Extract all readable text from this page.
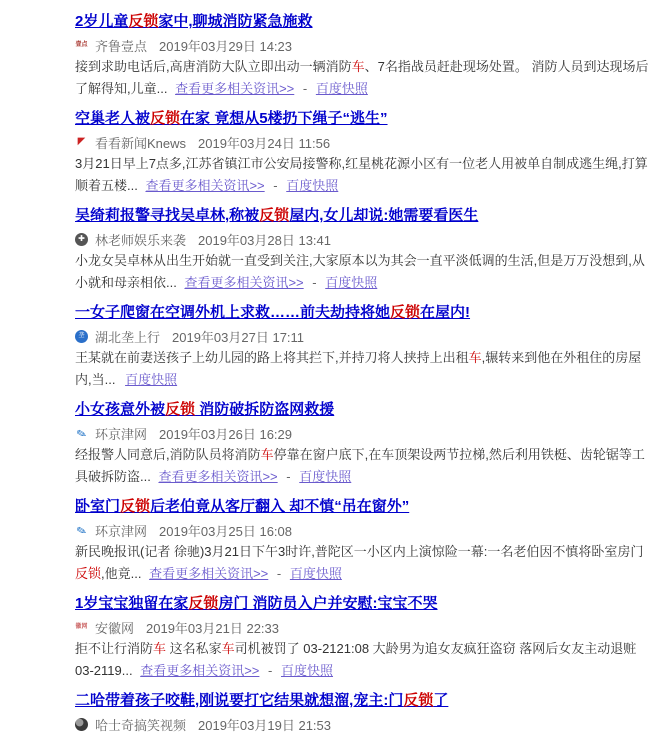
2岁儿童反锁家中,聊城消防紧急施救
壹点 齐鲁壹点 2019年03月29日 14:23
接到求助电话后,高唐消防大队立即出动一辆消防车、7名指战员赶赴现场处置。 消防人员到达现场后了解得知,儿童... 查看更多相关资讯>> - 百度快照
空巢老人被反锁在家 竟想从5楼扔下绳子“逃生”
◤ 看看新闻Knews 2019年03月24日 11:56
3月21日早上7点多,江苏省镇江市公安局接警称,红星桃花源小区有一位老人用被单自制成逃生绳,打算顺着五楼... 查看更多相关资讯>> - 百度快照
吴绮莉报警寻找吴卓林,称被反锁屋内,女儿却说:她需要看医生
✚ 林老师娱乐来袭 2019年03月28日 13:41
小龙女吴卓林从出生开始就一直受到关注,大家原本以为其会一直平淡低调的生活,但是万万没想到,从小就和母亲相依... 查看更多相关资讯>> - 百度快照
一女子爬窗在空调外机上求救……前夫劫持将她反锁在屋内!
垄 湖北垄上行 2019年03月27日 17:11
王某就在前妻送孩子上幼儿园的路上将其拦下,并持刀将人挟持上出租车,辗转来到他在外租住的房屋内,当... 百度快照
小女孩意外被反锁 消防破拆防盗网救援
✎ 环京津网 2019年03月26日 16:29
经报警人同意后,消防队员将消防车停靠在窗户底下,在车顶架设两节拉梯,然后利用铁梃、齿轮锯等工具破拆防盗... 查看更多相关资讯>> - 百度快照
卧室门反锁后老伯竟从客厅翻入 却不慎“吊在窗外”
✎ 环京津网 2019年03月25日 16:08
新民晚报讯(记者 徐驰)3月21日下午3时许,普陀区一小区内上演惊险一幕:一名老伯因不慎将卧室房门反锁,他竟... 查看更多相关资讯>> - 百度快照
1岁宝宝独留在家反锁房门 消防员入户并安慰:宝宝不哭
徽网 安徽网 2019年03月21日 22:33
拒不让行消防车 这名私家车司机被罚了 03-2121:08 大龄男为追女友疯狂盗窃 落网后女友主动退赃 03-2119... 查看更多相关资讯>> - 百度快照
二哈带着孩子咬鞋,刚说要打它结果就想溜,宠主:门反锁了
哈士奇搞笑视频 2019年03月19日 21:53
